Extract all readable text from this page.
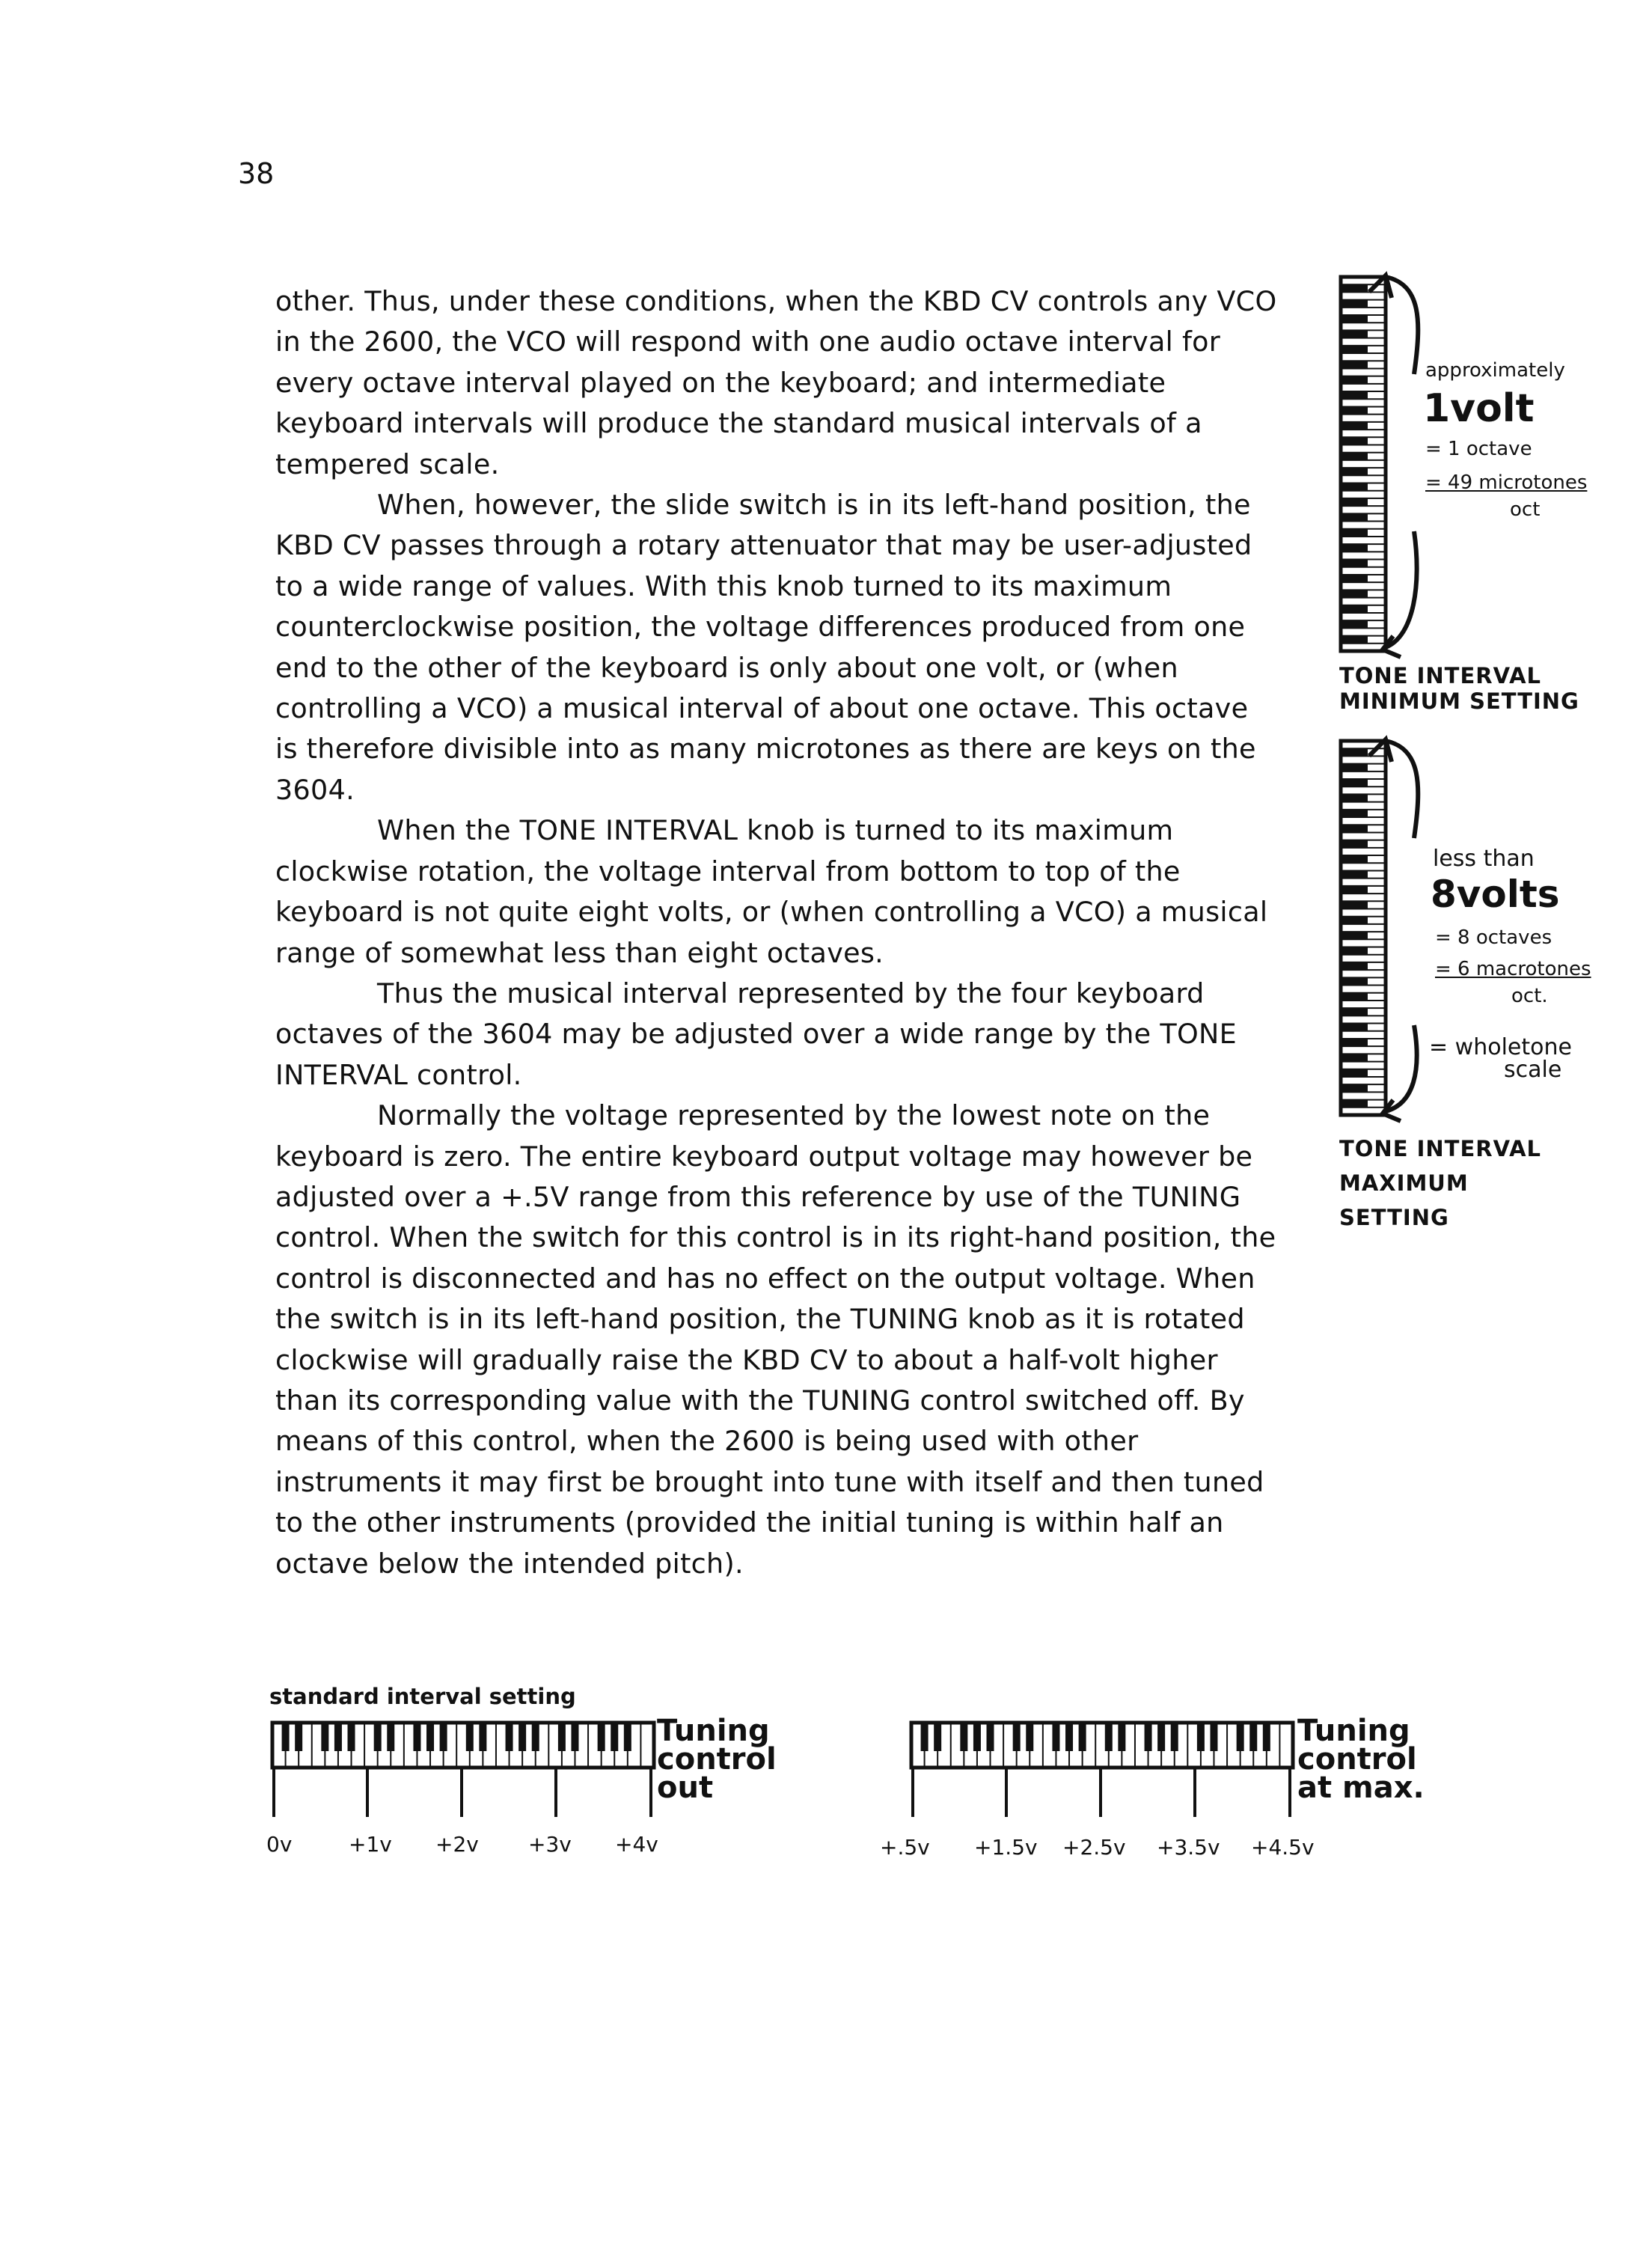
38

other. Thus, under these conditions, when the KBD CV controls any VCO in the 2600, the VCO will respond with one audio octave interval for every octave interval played on the keyboard; and intermediate keyboard intervals will produce the standard musical intervals of a tempered scale.

When, however, the slide switch is in its left-hand position, the KBD CV passes through a rotary attenuator that may be user-adjusted to a wide range of values. With this knob turned to its maximum counterclockwise position, the voltage differences produced from one end to the other of the keyboard is only about one volt, or (when controlling a VCO) a musical interval of about one octave. This octave is therefore divisible into as many microtones as there are keys on the 3604.

When the TONE INTERVAL knob is turned to its maximum clockwise rotation, the voltage interval from bottom to top of the keyboard is not quite eight volts, or (when controlling a VCO) a musical range of somewhat less than eight octaves.

Thus the musical interval represented by the four keyboard octaves of the 3604 may be adjusted over a wide range by the TONE INTERVAL control.

Normally the voltage represented by the lowest note on the keyboard is zero. The entire keyboard output voltage may however be adjusted over a +.5V range from this reference by use of the TUNING control. When the switch for this control is in its right-hand position, the control is disconnected and has no effect on the output voltage. When the switch is in its left-hand position, the TUNING knob as it is rotated clockwise will gradually raise the KBD CV to about a half-volt higher than its corresponding value with the TUNING control switched off. By means of this control, when the 2600 is being used with other instruments it may first be brought into tune with itself and then tuned to the other instruments (provided the initial tuning is within half an octave below the intended pitch).

approximately
1volt
= 1 octave
= 49 microtones
oct
TONE INTERVAL
MINIMUM SETTING
less than
8volts
= 8 octaves
= 6 macrotones
oct.
= wholetone
scale
TONE INTERVAL
MAXIMUM
SETTING
standard interval setting
Tuning
control
out
0v	+1v +2v +3v +4v
Tuning
control
at max.
+.5v +1.5v +2.5v +3.5v +4.5v
